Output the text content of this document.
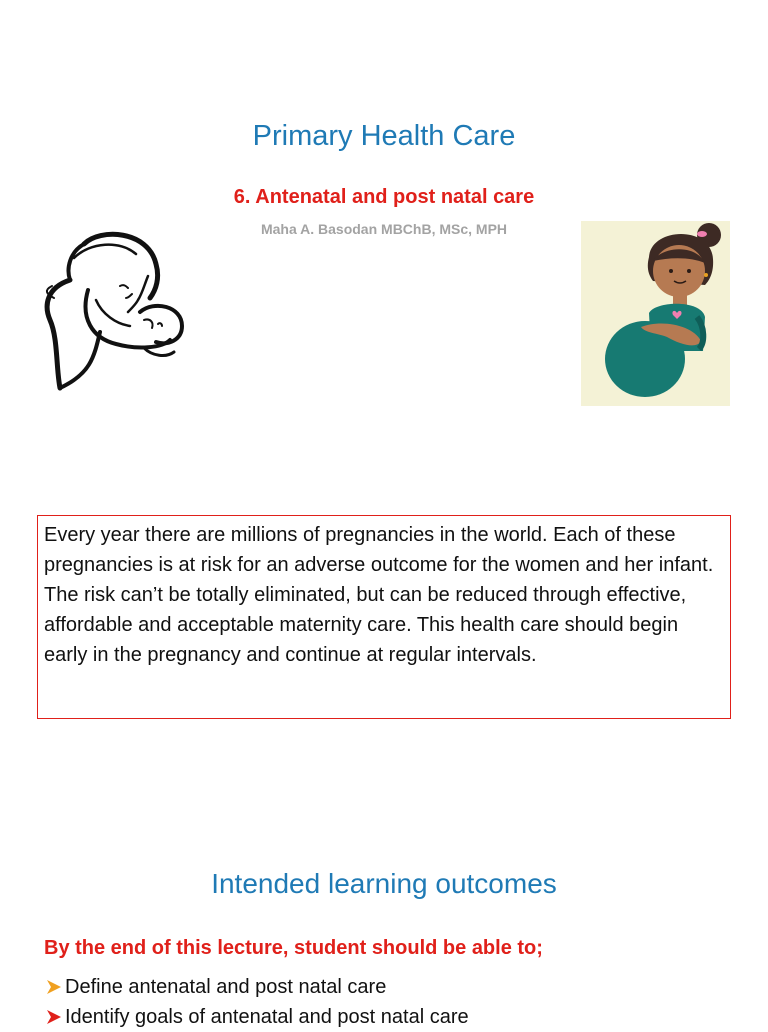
Primary Health Care
6. Antenatal and post natal care

Maha A. Basodan MBChB, MSc, MPH

Every year there are millions of pregnancies in the world. Each of these pregnancies is at risk for an adverse outcome for the women and her infant. The risk can’t be totally eliminated, but can be reduced through effective, affordable and acceptable maternity care. This health care should begin early in the pregnancy and continue at regular intervals.

Intended learning outcomes

By the end of this lecture, student should be able to;

Define antenatal and post natal care
Identify goals of antenatal and post natal care
